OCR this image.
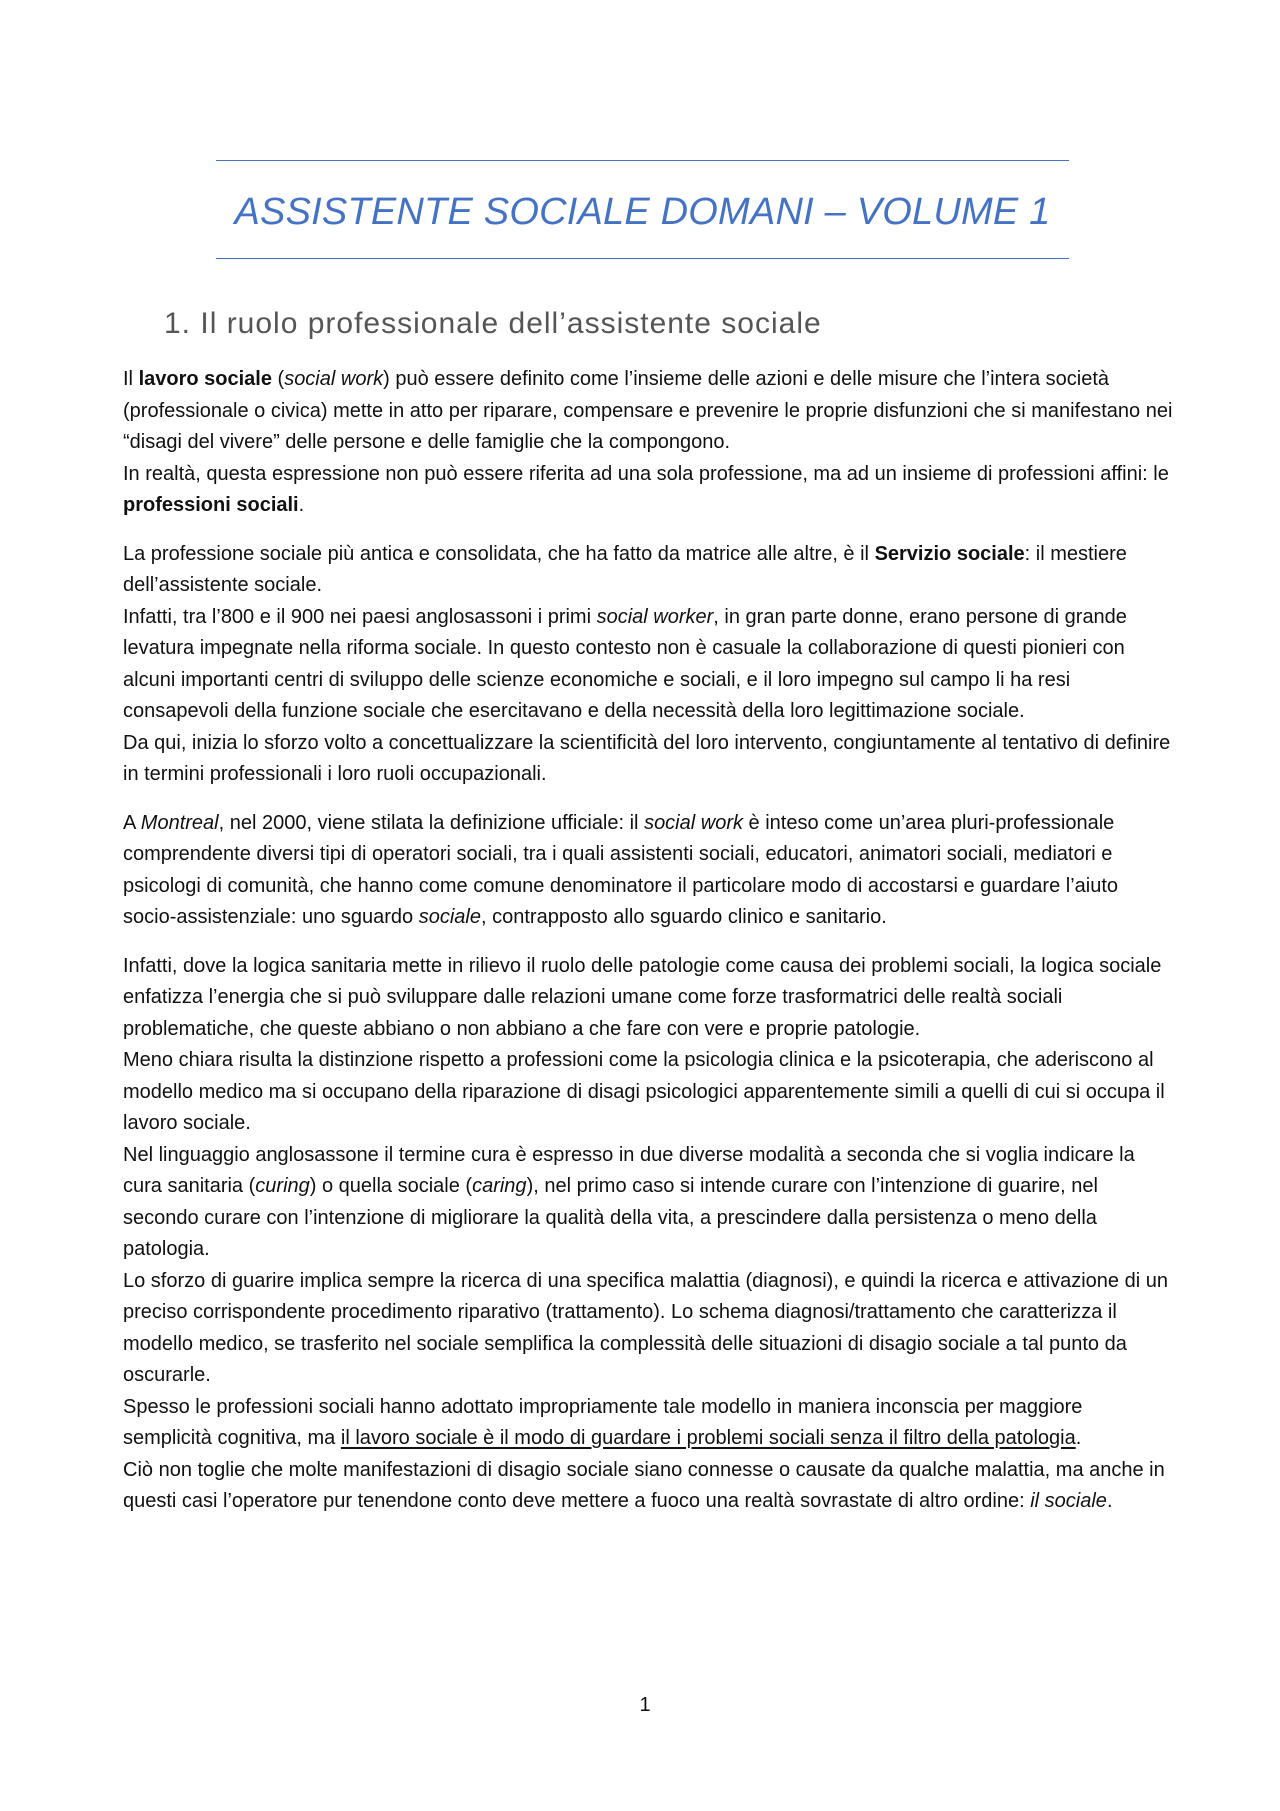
ASSISTENTE SOCIALE DOMANI – VOLUME 1
1. Il ruolo professionale dell’assistente sociale
Il lavoro sociale (social work) può essere definito come l’insieme delle azioni e delle misure che l’intera società (professionale o civica) mette in atto per riparare, compensare e prevenire le proprie disfunzioni che si manifestano nei “disagi del vivere” delle persone e delle famiglie che la compongono.
In realtà, questa espressione non può essere riferita ad una sola professione, ma ad un insieme di professioni affini: le professioni sociali.
La professione sociale più antica e consolidata, che ha fatto da matrice alle altre, è il Servizio sociale: il mestiere dell’assistente sociale.
Infatti, tra l’800 e il 900 nei paesi anglosassoni i primi social worker, in gran parte donne, erano persone di grande levatura impegnate nella riforma sociale. In questo contesto non è casuale la collaborazione di questi pionieri con alcuni importanti centri di sviluppo delle scienze economiche e sociali, e il loro impegno sul campo li ha resi consapevoli della funzione sociale che esercitavano e della necessità della loro legittimazione sociale.
Da qui, inizia lo sforzo volto a concettualizzare la scientificità del loro intervento, congiuntamente al tentativo di definire in termini professionali i loro ruoli occupazionali.
A Montreal, nel 2000, viene stilata la definizione ufficiale: il social work è inteso come un’area pluri-professionale comprendente diversi tipi di operatori sociali, tra i quali assistenti sociali, educatori, animatori sociali, mediatori e psicologi di comunità, che hanno come comune denominatore il particolare modo di accostarsi e guardare l’aiuto socio-assistenziale: uno sguardo sociale, contrapposto allo sguardo clinico e sanitario.
Infatti, dove la logica sanitaria mette in rilievo il ruolo delle patologie come causa dei problemi sociali, la logica sociale enfatizza l’energia che si può sviluppare dalle relazioni umane come forze trasformatrici delle realtà sociali problematiche, che queste abbiano o non abbiano a che fare con vere e proprie patologie.
Meno chiara risulta la distinzione rispetto a professioni come la psicologia clinica e la psicoterapia, che aderiscono al modello medico ma si occupano della riparazione di disagi psicologici apparentemente simili a quelli di cui si occupa il lavoro sociale.
Nel linguaggio anglosassone il termine cura è espresso in due diverse modalità a seconda che si voglia indicare la cura sanitaria (curing) o quella sociale (caring), nel primo caso si intende curare con l’intenzione di guarire, nel secondo curare con l’intenzione di migliorare la qualità della vita, a prescindere dalla persistenza o meno della patologia.
Lo sforzo di guarire implica sempre la ricerca di una specifica malattia (diagnosi), e quindi la ricerca e attivazione di un preciso corrispondente procedimento riparativo (trattamento). Lo schema diagnosi/trattamento che caratterizza il modello medico, se trasferito nel sociale semplifica la complessità delle situazioni di disagio sociale a tal punto da oscurarle.
Spesso le professioni sociali hanno adottato impropriamente tale modello in maniera inconscia per maggiore semplicità cognitiva, ma il lavoro sociale è il modo di guardare i problemi sociali senza il filtro della patologia.
Ciò non toglie che molte manifestazioni di disagio sociale siano connesse o causate da qualche malattia, ma anche in questi casi l’operatore pur tenendone conto deve mettere a fuoco una realtà sovrastate di altro ordine: il sociale.
1
